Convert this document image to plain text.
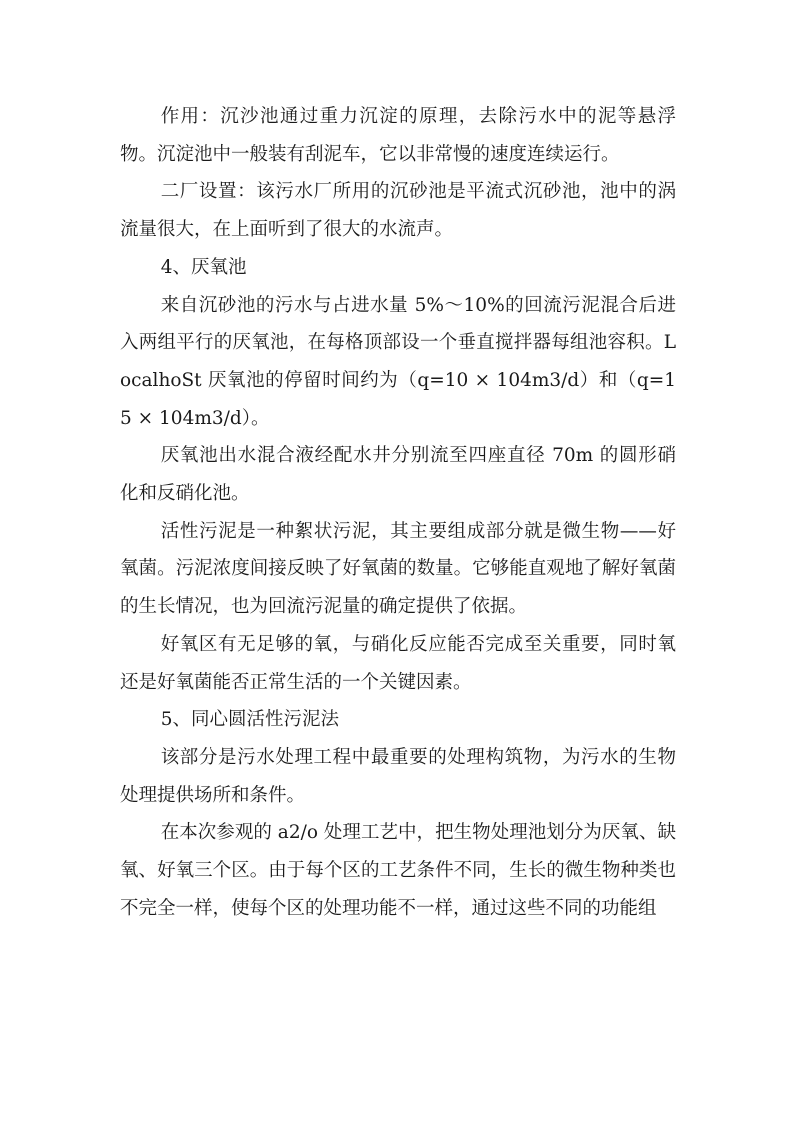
作用：沉沙池通过重力沉淀的原理，去除污水中的泥等悬浮物。沉淀池中一般装有刮泥车，它以非常慢的速度连续运行。

二厂设置：该污水厂所用的沉砂池是平流式沉砂池，池中的涡流量很大，在上面听到了很大的水流声。

4、厌氧池

来自沉砂池的污水与占进水量 5%～10%的回流污泥混合后进入两组平行的厌氧池，在每格顶部设一个垂直搅拌器每组池容积。LocalhoSt 厌氧池的停留时间约为（q=10 × 104m3/d）和（q=15 × 104m3/d）。

厌氧池出水混合液经配水井分别流至四座直径 70m 的圆形硝化和反硝化池。

活性污泥是一种絮状污泥，其主要组成部分就是微生物——好氧菌。污泥浓度间接反映了好氧菌的数量。它够能直观地了解好氧菌的生长情况，也为回流污泥量的确定提供了依据。

好氧区有无足够的氧，与硝化反应能否完成至关重要，同时氧还是好氧菌能否正常生活的一个关键因素。

5、同心圆活性污泥法

该部分是污水处理工程中最重要的处理构筑物，为污水的生物处理提供场所和条件。

在本次参观的 a2/o 处理工艺中，把生物处理池划分为厌氧、缺氧、好氧三个区。由于每个区的工艺条件不同，生长的微生物种类也不完全一样，使每个区的处理功能不一样，通过这些不同的功能组
